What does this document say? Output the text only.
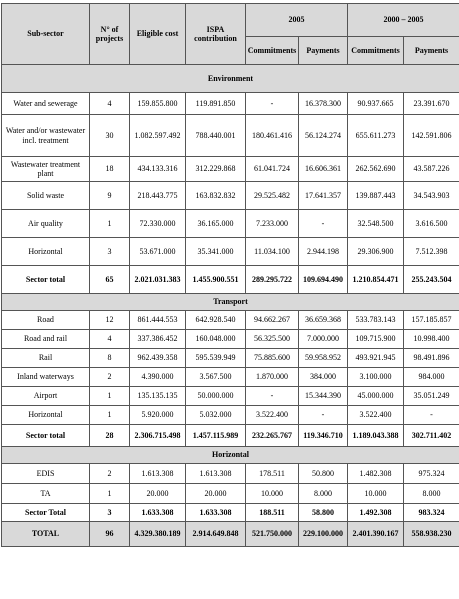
Sub-sector	N° of projects	Eligible cost	ISPA contribution	2005		2000 – 2005	
				Commitments	Payments	Commitments	Payments
Environment							
Water and sewerage	4	159.855.800	119.891.850	-	16.378.300	90.937.665	23.391.670
Water and/or wastewater incl. treatment	30	1.082.597.492	788.440.001	180.461.416	56.124.274	655.611.273	142.591.806
Wastewater treatment plant	18	434.133.316	312.229.868	61.041.724	16.606.361	262.562.690	43.587.226
Solid waste	9	218.443.775	163.832.832	29.525.482	17.641.357	139.887.443	34.543.903
Air quality	1	72.330.000	36.165.000	7.233.000	-	32.548.500	3.616.500
Horizontal	3	53.671.000	35.341.000	11.034.100	2.944.198	29.306.900	7.512.398
Sector total	65	2.021.031.383	1.455.900.551	289.295.722	109.694.490	1.210.854.471	255.243.504
Transport							
Road	12	861.444.553	642.928.540	94.662.267	36.659.368	533.783.143	157.185.857
Road and rail	4	337.386.452	160.048.000	56.325.500	7.000.000	109.715.900	10.998.400
Rail	8	962.439.358	595.539.949	75.885.600	59.958.952	493.921.945	98.491.896
Inland waterways	2	4.390.000	3.567.500	1.870.000	384.000	3.100.000	984.000
Airport	1	135.135.135	50.000.000	-	15.344.390	45.000.000	35.051.249
Horizontal	1	5.920.000	5.032.000	3.522.400	-	3.522.400	-
Sector total	28	2.306.715.498	1.457.115.989	232.265.767	119.346.710	1.189.043.388	302.711.402
Horizontal							
EDIS	2	1.613.308	1.613.308	178.511	50.800	1.482.308	975.324
TA	1	20.000	20.000	10.000	8.000	10.000	8.000
Sector Total	3	1.633.308	1.633.308	188.511	58.800	1.492.308	983.324
TOTAL	96	4.329.380.189	2.914.649.848	521.750.000	229.100.000	2.401.390.167	558.938.230
